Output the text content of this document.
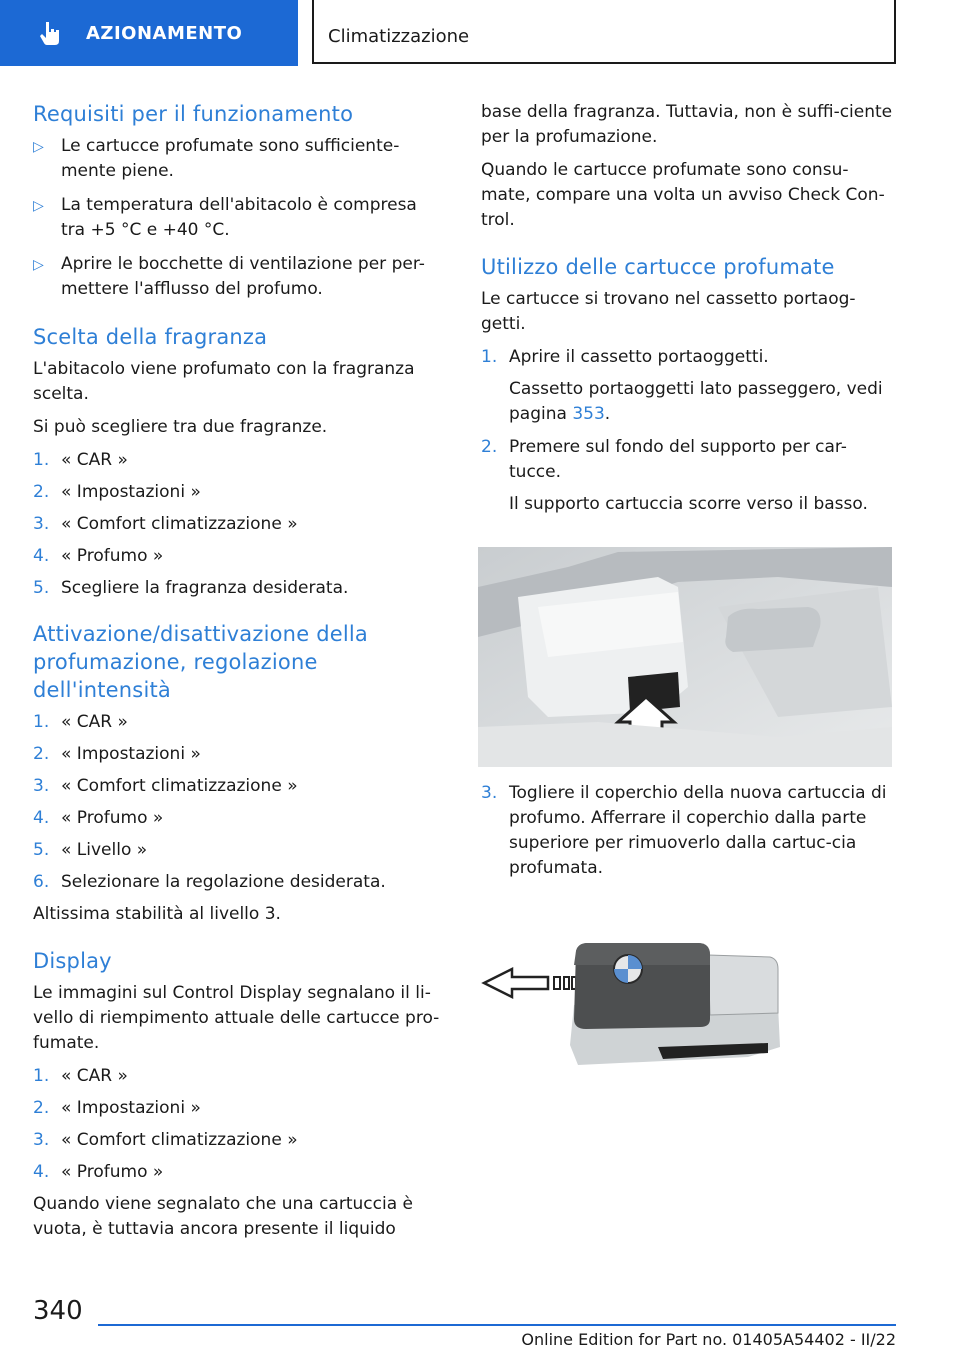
AZIONAMENTO	Climatizzazione
Requisiti per il funzionamento
▷	Le cartucce profumate sono sufficiente-mente piene.
▷	La temperatura dell'abitacolo è compresa tra +5 °C e +40 °C.
▷	Aprire le bocchette di ventilazione per per-mettere l'afflusso del profumo.
Scelta della fragranza

L'abitacolo viene profumato con la fragranza scelta.

Si può scegliere tra due fragranze.

1. « CAR »
2. « Impostazioni »
3. « Comfort climatizzazione »
4. « Profumo »
5. Scegliere la fragranza desiderata.
Attivazione/disattivazione della profumazione, regolazione dell'intensità
1. « CAR »
2. « Impostazioni »
3. « Comfort climatizzazione »
4. « Profumo »
5. « Livello »
6. Selezionare la regolazione desiderata.

Altissima stabilità al livello 3.

Display

Le immagini sul Control Display segnalano il li-vello di riempimento attuale delle cartucce pro-fumate.

1. « CAR »
2. « Impostazioni »
3. « Comfort climatizzazione »
4. « Profumo »

Quando viene segnalato che una cartuccia è vuota, è tuttavia ancora presente il liquido

base della fragranza. Tuttavia, non è suffi-ciente per la profumazione.

Quando le cartucce profumate sono consu-mate, compare una volta un avviso Check Con-trol.

Utilizzo delle cartucce profumate

Le cartucce si trovano nel cassetto portaog-getti.

1. Aprire il cassetto portaoggetti.
Cassetto portaoggetti lato passeggero, vedi pagina 353.
2. Premere sul fondo del supporto per car-tucce.
Il supporto cartuccia scorre verso il basso.
3. Togliere il coperchio della nuova cartuccia di profumo. Afferrare il coperchio dalla parte superiore per rimuoverlo dalla cartuc-cia profumata.
340
Online Edition for Part no. 01405A54402 - II/22
